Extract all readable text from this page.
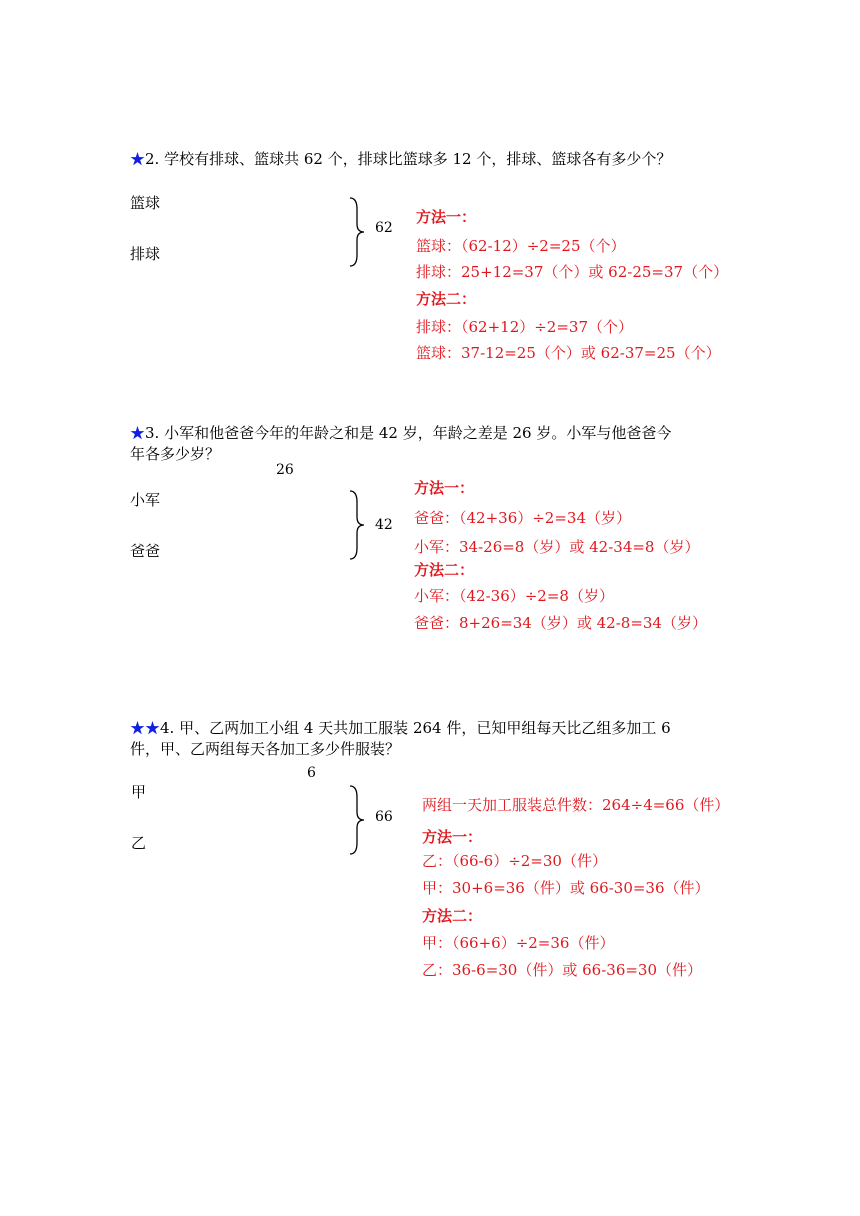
★2. 学校有排球、篮球共 62 个，排球比篮球多 12 个，排球、篮球各有多少个？
篮球
排球
62
方法一：
篮球：（62-12）÷2=25（个）
排球：25+12=37（个）或 62-25=37（个）
方法二：
排球：（62+12）÷2=37（个）
篮球：37-12=25（个）或 62-37=25（个）
★3. 小军和他爸爸今年的年龄之和是 42 岁，年龄之差是 26 岁。小军与他爸爸今
年各多少岁？
26
小军
爸爸
42
方法一：
爸爸：（42+36）÷2=34（岁）
小军：34-26=8（岁）或 42-34=8（岁）
方法二：
小军：（42-36）÷2=8（岁）
爸爸：8+26=34（岁）或 42-8=34（岁）
★★4. 甲、乙两加工小组 4 天共加工服装 264 件，已知甲组每天比乙组多加工 6
件，甲、乙两组每天各加工多少件服装？
6
甲
乙
66
两组一天加工服装总件数：264÷4=66（件）
方法一：
乙：（66-6）÷2=30（件）
甲：30+6=36（件）或 66-30=36（件）
方法二：
甲：（66+6）÷2=36（件）
乙：36-6=30（件）或 66-36=30（件）
